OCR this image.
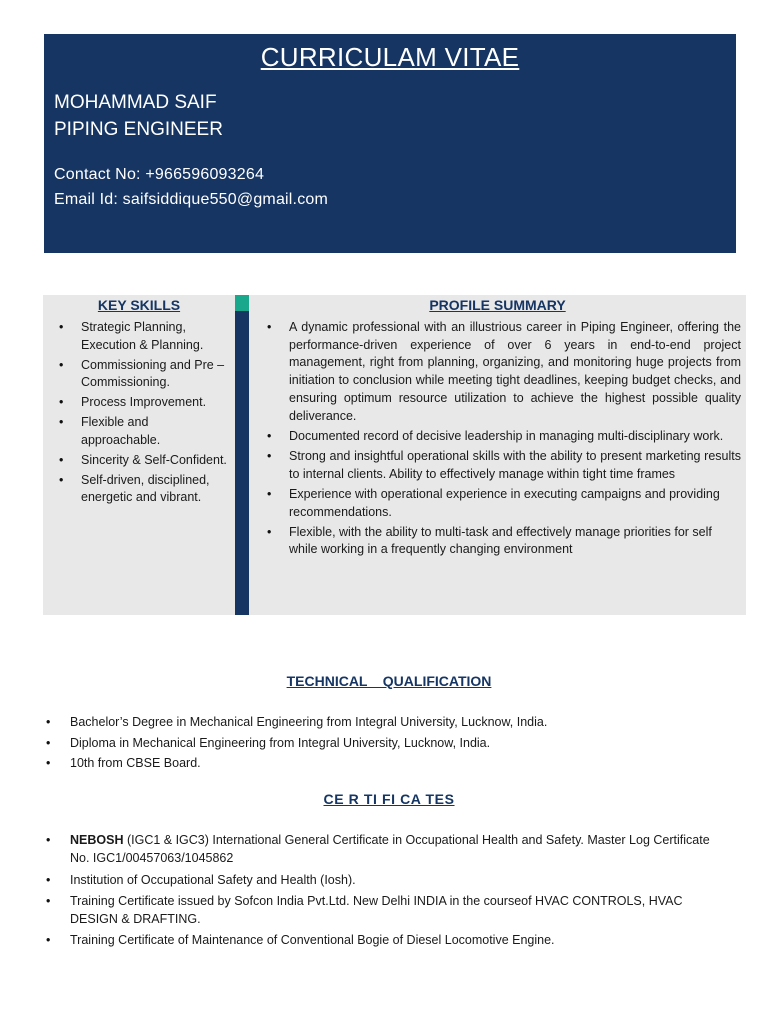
CURRICULAM VITAE
MOHAMMAD SAIF
PIPING ENGINEER
Contact No: +966596093264
Email Id: saifsiddique550@gmail.com
KEY SKILLS
• Strategic Planning, Execution & Planning.
• Commissioning and Pre – Commissioning.
• Process Improvement.
• Flexible and approachable.
• Sincerity & Self-Confident.
• Self-driven, disciplined, energetic and vibrant.
PROFILE SUMMARY
• A dynamic professional with an illustrious career in Piping Engineer, offering the performance-driven experience of over 6 years in end-to-end project management, right from planning, organizing, and monitoring huge projects from initiation to conclusion while meeting tight deadlines, keeping budget checks, and ensuring optimum resource utilization to achieve the highest possible quality deliverance.
• Documented record of decisive leadership in managing multi-disciplinary work.
• Strong and insightful operational skills with the ability to present marketing results to internal clients. Ability to effectively manage within tight time frames
• Experience with operational experience in executing campaigns and providing recommendations.
• Flexible, with the ability to multi-task and effectively manage priorities for self while working in a frequently changing environment
TECHNICAL    QUALIFICATION
• Bachelor’s Degree in Mechanical Engineering from Integral University, Lucknow, India.
• Diploma in Mechanical Engineering from Integral University, Lucknow, India.
• 10th from CBSE Board.
CE R TI FI CA TES
• NEBOSH (IGC1 & IGC3) International General Certificate in Occupational Health and Safety. Master Log Certificate No. IGC1/00457063/1045862
• Institution of Occupational Safety and Health (Iosh).
• Training Certificate issued by Sofcon India Pvt.Ltd. New Delhi INDIA in the courseof HVAC CONTROLS, HVAC DESIGN & DRAFTING.
• Training Certificate of Maintenance of Conventional Bogie of Diesel Locomotive Engine.
